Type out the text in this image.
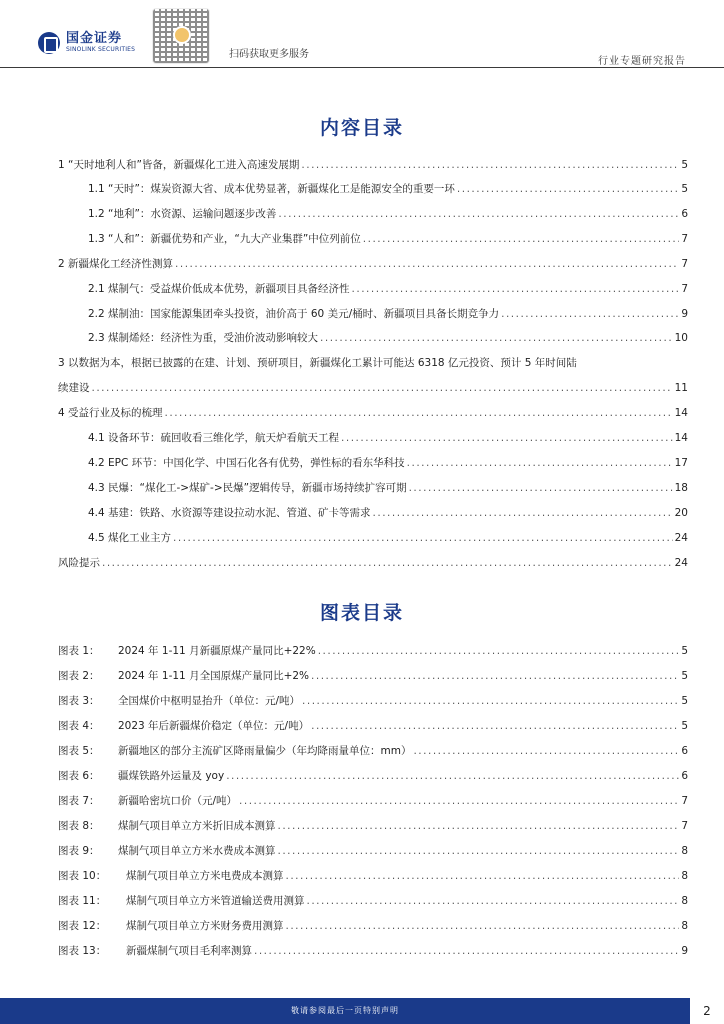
国金证券
SINOLINK SECURITIES	扫码获取更多服务
行业专题研究报告
内容目录
1 “天时地利人和”皆备，新疆煤化工进入高速发展期 .....	5
1.1 “天时”：煤炭资源大省、成本优势显著，新疆煤化工是能源安全的重要一环 .....	5
1.2 “地利”：水资源、运输问题逐步改善 .....	6
1.3 “人和”：新疆优势和产业，“九大产业集群”中位列前位 .....	7
2 新疆煤化工经济性测算 .....	7
2.1 煤制气：受益煤价低成本优势，新疆项目具备经济性 .....	7
2.2 煤制油：国家能源集团牵头投资，油价高于 60 美元/桶时、新疆项目具备长期竞争力 .....	9
2.3 煤制烯烃：经济性为重，受油价波动影响较大 .....	10
3 以数据为本，根据已披露的在建、计划、预研项目，新疆煤化工累计可能达 6318 亿元投资、预计 5 年时间陆
续建设 .....	11
4 受益行业及标的梳理 .....	14
4.1 设备环节：硫回收看三维化学，航天炉看航天工程 .....	14
4.2 EPC 环节：中国化学、中国石化各有优势，弹性标的看东华科技 .....	17
4.3 民爆：“煤化工->煤矿->民爆”逻辑传导，新疆市场持续扩容可期 .....	18
4.4 基建：铁路、水资源等建设拉动水泥、管道、矿卡等需求 .....	20
4.5 煤化工业主方 .....	24
风险提示 .....	24
图表目录
图表 1：	2024 年 1-11 月新疆原煤产量同比+22% .....	5
图表 2：	2024 年 1-11 月全国原煤产量同比+2% .....	5
图表 3：	全国煤价中枢明显抬升（单位：元/吨） .....	5
图表 4：	2023 年后新疆煤价稳定（单位：元/吨） .....	5
图表 5：	新疆地区的部分主流矿区降雨量偏少（年均降雨量单位：mm） .....	6
图表 6：	疆煤铁路外运量及 yoy .....	6
图表 7：	新疆哈密坑口价（元/吨） .....	7
图表 8：	煤制气项目单立方米折旧成本测算 .....	7
图表 9：	煤制气项目单立方米水费成本测算 .....	8
图表 10：	煤制气项目单立方米电费成本测算 .....	8
图表 11：	煤制气项目单立方米管道输送费用测算 .....	8
图表 12：	煤制气项目单立方米财务费用测算 .....	8
图表 13：	新疆煤制气项目毛利率测算 .....	9
敬请参阅最后一页特别声明	2
